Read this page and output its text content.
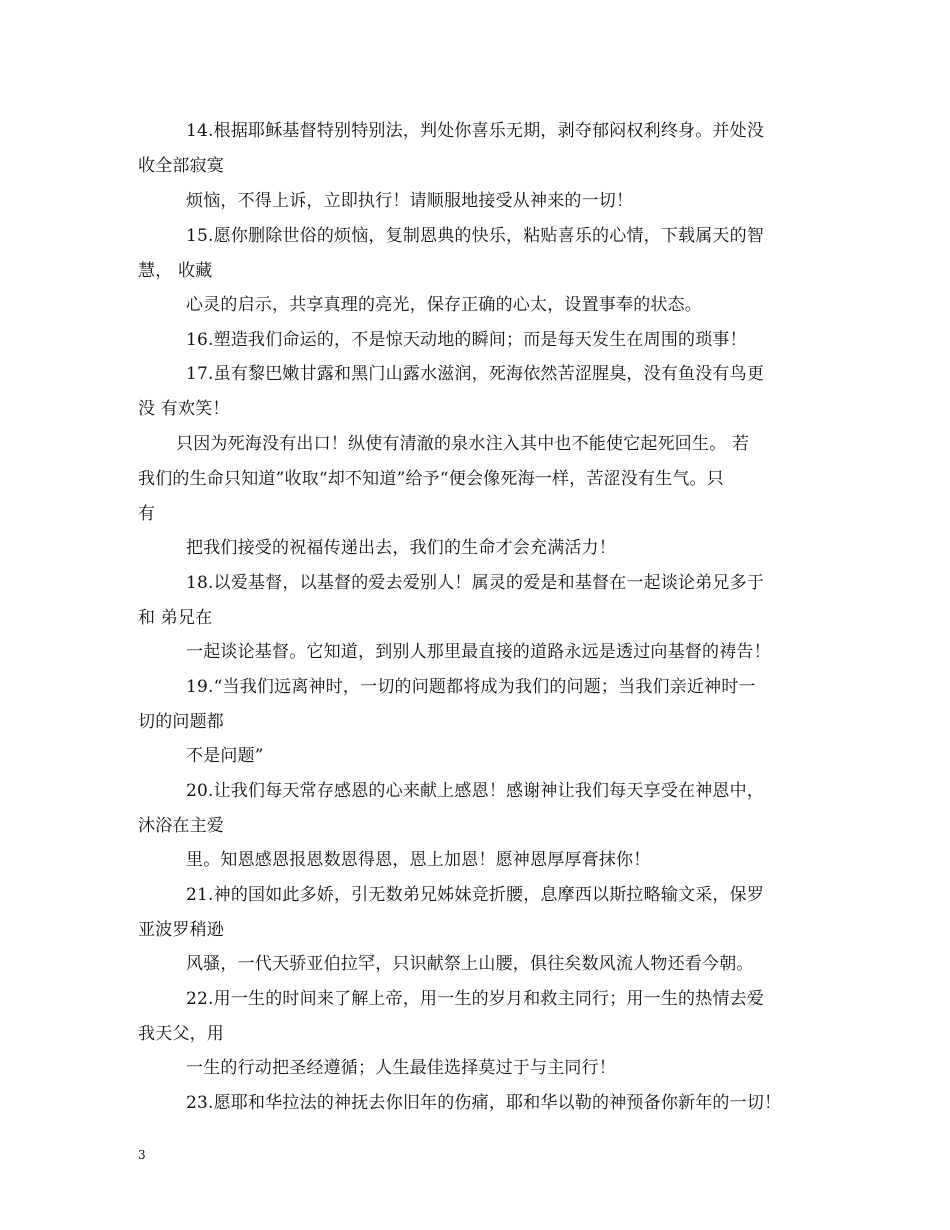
14.根据耶稣基督特别特别法，判处你喜乐无期，剥夺郁闷权利终身。并处没
收全部寂寞
烦恼，不得上诉，立即执行！请顺服地接受从神来的一切！
15.愿你删除世俗的烦恼，复制恩典的快乐，粘贴喜乐的心情，下载属天的智
慧， 收藏
心灵的启示，共享真理的亮光，保存正确的心太，设置事奉的状态。
16.塑造我们命运的，不是惊天动地的瞬间；而是每天发生在周围的琐事！
17.虽有黎巴嫩甘露和黑门山露水滋润，死海依然苦涩腥臭，没有鱼没有鸟更
没 有欢笑！
只因为死海没有出口！纵使有清澈的泉水注入其中也不能使它起死回生。 若
我们的生命只知道”收取“却不知道”给予“便会像死海一样，苦涩没有生气。只
有
把我们接受的祝福传递出去，我们的生命才会充满活力！
18.以爱基督，以基督的爱去爱别人！属灵的爱是和基督在一起谈论弟兄多于
和 弟兄在
一起谈论基督。它知道，到别人那里最直接的道路永远是透过向基督的祷告！
19.“当我们远离神时，一切的问题都将成为我们的问题；当我们亲近神时一
切的问题都
不是问题”
20.让我们每天常存感恩的心来献上感恩！感谢神让我们每天享受在神恩中，
沐浴在主爱
里。知恩感恩报恩数恩得恩，恩上加恩！愿神恩厚厚膏抹你！
21.神的国如此多娇，引无数弟兄姊妹竞折腰，息摩西以斯拉略输文采，保罗
亚波罗稍逊
风骚，一代天骄亚伯拉罕，只识献祭上山腰，俱往矣数风流人物还看今朝。
22.用一生的时间来了解上帝，用一生的岁月和救主同行；用一生的热情去爱
我天父，用
一生的行动把圣经遵循；人生最佳选择莫过于与主同行！
23.愿耶和华拉法的神抚去你旧年的伤痛，耶和华以勒的神预备你新年的一切！
3
